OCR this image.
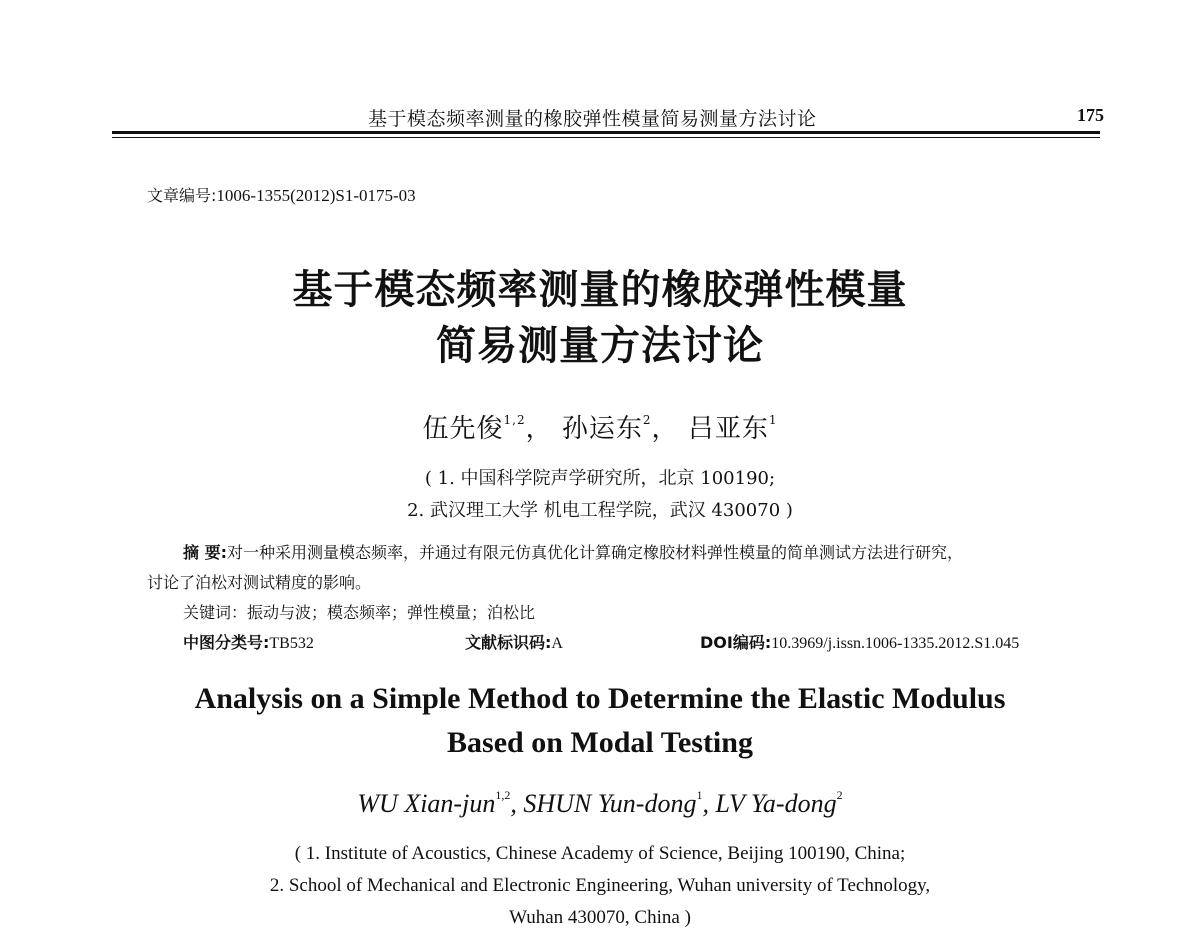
基于模态频率测量的橡胶弹性模量简易测量方法讨论	175

文章编号:1006-1355(2012)S1-0175-03

基于模态频率测量的橡胶弹性模量
简易测量方法讨论

伍先俊$^{1,2}$， 孙运东$^2$， 吕亚东$^1$

( 1. 中国科学院声学研究所，北京 100190;

2. 武汉理工大学 机电工程学院，武汉 430070 )

摘 要:对一种采用测量模态频率，并通过有限元仿真优化计算确定橡胶材料弹性模量的简单测试方法进行研究，

讨论了泊松对测试精度的影响。

关键词：振动与波；模态频率；弹性模量；泊松比

中图分类号:TB532	文献标识码:A	DOI编码:10.3969/j.issn.1006-1335.2012.S1.045

Analysis on a Simple Method to Determine the Elastic Modulus
Based on Modal Testing

WU Xian-jun$^{1,2}$, SHUN Yun-dong$^1$, LV Ya-dong$^2$

( 1. Institute of Acoustics, Chinese Academy of Science, Beijing 100190, China;

2. School of Mechanical and Electronic Engineering, Wuhan university of Technology,

Wuhan 430070, China )
